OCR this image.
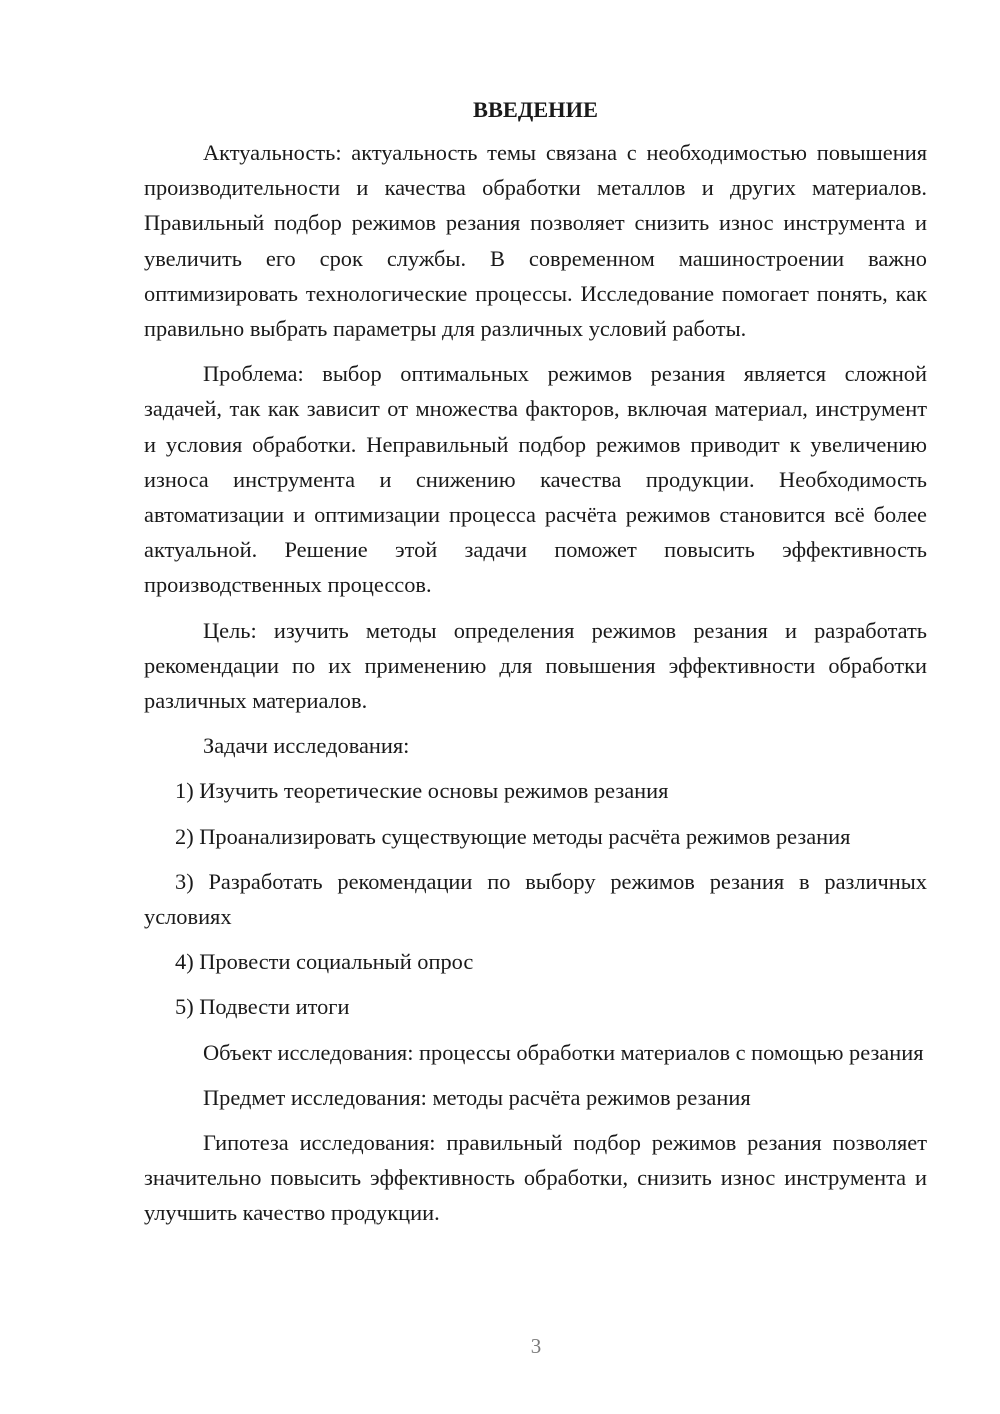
ВВЕДЕНИЕ

Актуальность: актуальность темы связана с необходимостью повышения производительности и качества обработки металлов и других материалов. Правильный подбор режимов резания позволяет снизить износ инструмента и увеличить его срок службы. В современном машиностроении важно оптимизировать технологические процессы. Исследование помогает понять, как правильно выбрать параметры для различных условий работы.

Проблема: выбор оптимальных режимов резания является сложной задачей, так как зависит от множества факторов, включая материал, инструмент и условия обработки. Неправильный подбор режимов приводит к увеличению износа инструмента и снижению качества продукции. Необходимость автоматизации и оптимизации процесса расчёта режимов становится всё более актуальной. Решение этой задачи поможет повысить эффективность производственных процессов.

Цель: изучить методы определения режимов резания и разработать рекомендации по их применению для повышения эффективности обработки различных материалов.

Задачи исследования:

1) Изучить теоретические основы режимов резания

2) Проанализировать существующие методы расчёта режимов резания

3) Разработать рекомендации по выбору режимов резания в различных условиях

4) Провести социальный опрос

5) Подвести итоги

Объект исследования: процессы обработки материалов с помощью резания

Предмет исследования: методы расчёта режимов резания

Гипотеза исследования: правильный подбор режимов резания позволяет значительно повысить эффективность обработки, снизить износ инструмента и улучшить качество продукции.

3
